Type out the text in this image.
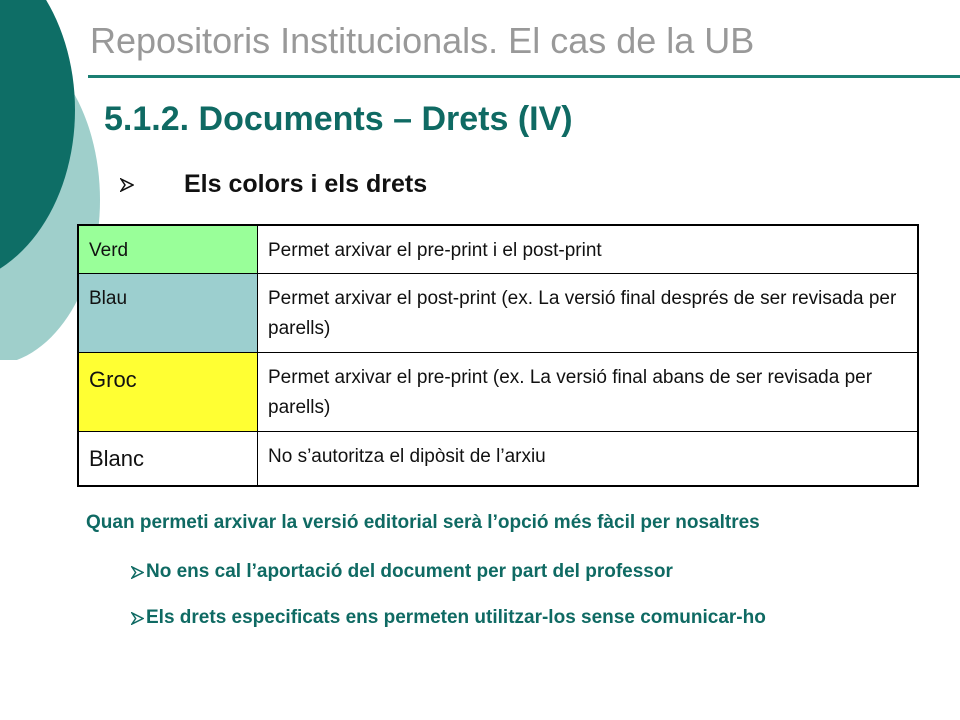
Repositoris Institucionals. El cas de la UB
5.1.2. Documents – Drets (IV)
Els colors i els drets
Verd	Permet arxivar el pre-print i el post-print
Blau	Permet arxivar el post-print (ex. La versió final després de ser revisada per parells)
Groc	Permet arxivar el pre-print (ex. La versió final abans de ser revisada per parells)
Blanc	No s’autoritza el dipòsit de l’arxiu
Quan permeti arxivar la versió editorial serà l’opció més fàcil per nosaltres
No ens cal l’aportació del document per part del professor
Els drets especificats ens permeten utilitzar-los sense comunicar-ho
